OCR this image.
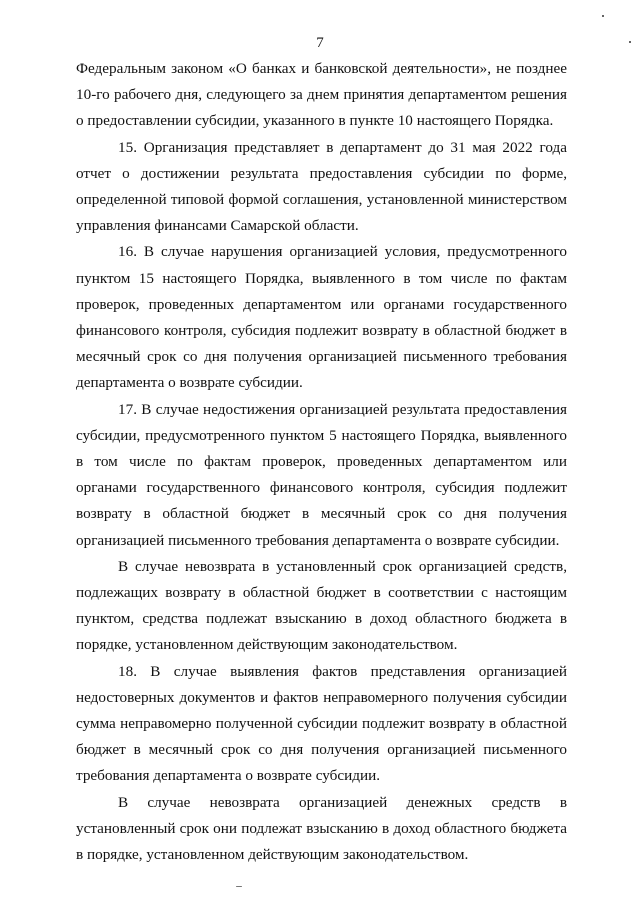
7

Федеральным законом «О банках и банковской деятельности», не позднее 10-го рабочего дня, следующего за днем принятия департаментом решения о предоставлении субсидии, указанного в пункте 10 настоящего Порядка.

15. Организация представляет в департамент до 31 мая 2022 года отчет о достижении результата предоставления субсидии по форме, определенной типовой формой соглашения, установленной министерством управления финансами Самарской области.

16. В случае нарушения организацией условия, предусмотренного пунктом 15 настоящего Порядка, выявленного в том числе по фактам проверок, проведенных департаментом или органами государственного финансового контроля, субсидия подлежит возврату в областной бюджет в месячный срок со дня получения организацией письменного требования департамента о возврате субсидии.

17. В случае недостижения организацией результата предоставления субсидии, предусмотренного пунктом 5 настоящего Порядка, выявленного в том числе по фактам проверок, проведенных департаментом или органами государственного финансового контроля, субсидия подлежит возврату в областной бюджет в месячный срок со дня получения организацией письменного требования департамента о возврате субсидии.

В случае невозврата в установленный срок организацией средств, подлежащих возврату в областной бюджет в соответствии с настоящим пунктом, средства подлежат взысканию в доход областного бюджета в порядке, установленном действующим законодательством.

18. В случае выявления фактов представления организацией недостоверных документов и фактов неправомерного получения субсидии сумма неправомерно полученной субсидии подлежит возврату в областной бюджет в месячный срок со дня получения организацией письменного требования департамента о возврате субсидии.

В случае невозврата организацией денежных средств в установленный срок они подлежат взысканию в доход областного бюджета в порядке, установленном действующим законодательством.
